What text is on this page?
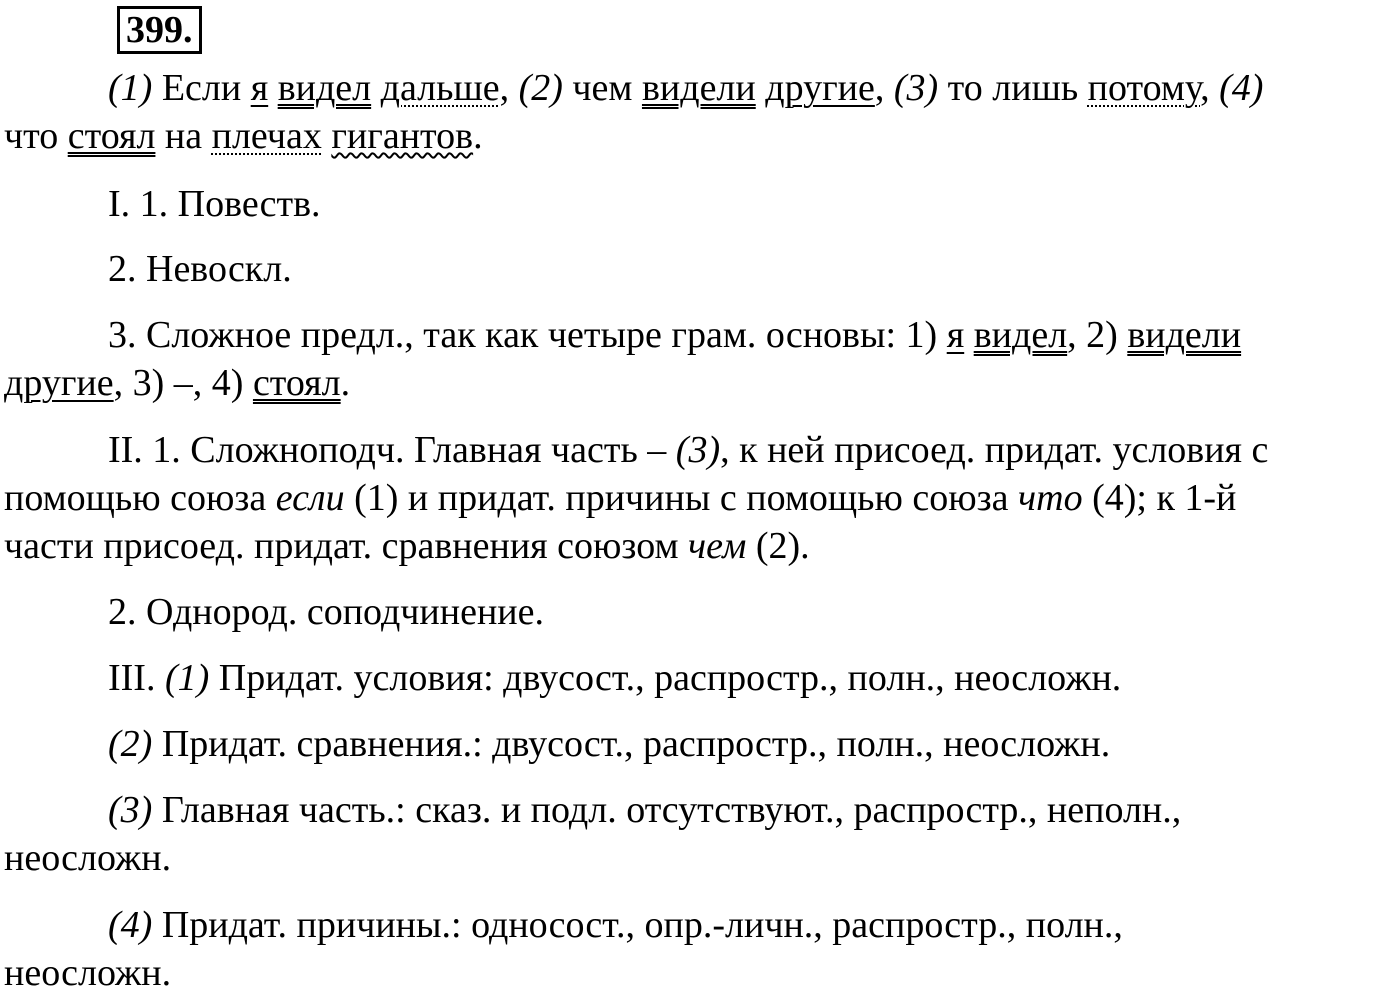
399.
(1) Если я видел дальше, (2) чем видели другие, (3) то лишь потому, (4)
что стоял на плечах гигантов.
I. 1. Повеств.
2. Невоскл.
3. Сложное предл., так как четыре грам. основы: 1) я видел, 2) видели
другие, 3) –, 4) стоял.
II. 1. Сложноподч. Главная часть – (3), к ней присоед. придат. условия с
помощью союза если (1) и придат. причины с помощью союза что (4); к 1-й
части присоед. придат. сравнения союзом чем (2).
2. Однород. соподчинение.
III. (1) Придат. условия: двусост., распростр., полн., неосложн.
(2) Придат. сравнения.: двусост., распростр., полн., неосложн.
(3) Главная часть.: сказ. и подл. отсутствуют., распростр., неполн.,
неосложн.
(4) Придат. причины.: односост., опр.-личн., распростр., полн.,
неосложн.
